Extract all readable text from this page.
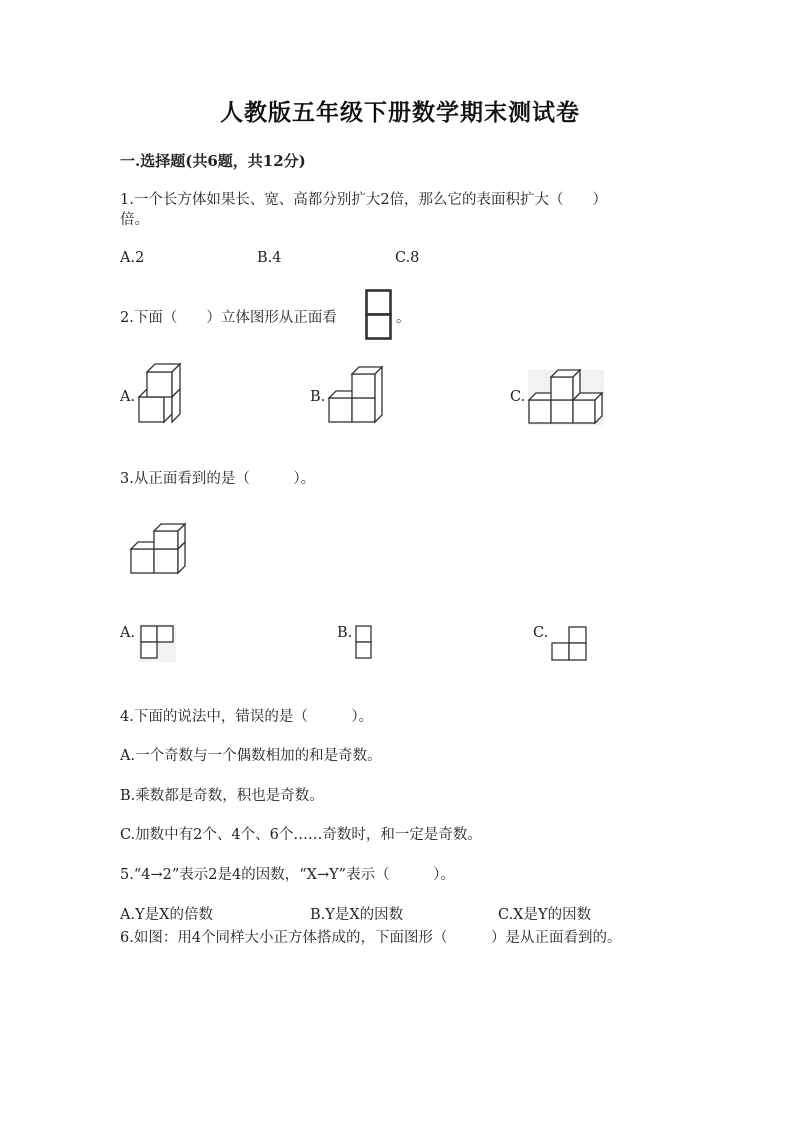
人教版五年级下册数学期末测试卷
一.选择题(共6题，共12分)
1.一个长方体如果长、宽、高都分别扩大2倍，那么它的表面积扩大（　　）
倍。
A.2	B.4	C.8
2.下面（　　）立体图形从正面看	。
A.	B.	C.
3.从正面看到的是（　　　）。
A.	B.	C.
4.下面的说法中，错误的是（　　　）。
A.一个奇数与一个偶数相加的和是奇数。
B.乘数都是奇数，积也是奇数。
C.加数中有2个、4个、6个……奇数时，和一定是奇数。
5.“4→2”表示2是4的因数，“X→Y”表示（　　　）。
A.Y是X的倍数	B.Y是X的因数	C.X是Y的因数
6.如图：用4个同样大小正方体搭成的，下面图形（　　　）是从正面看到的。
